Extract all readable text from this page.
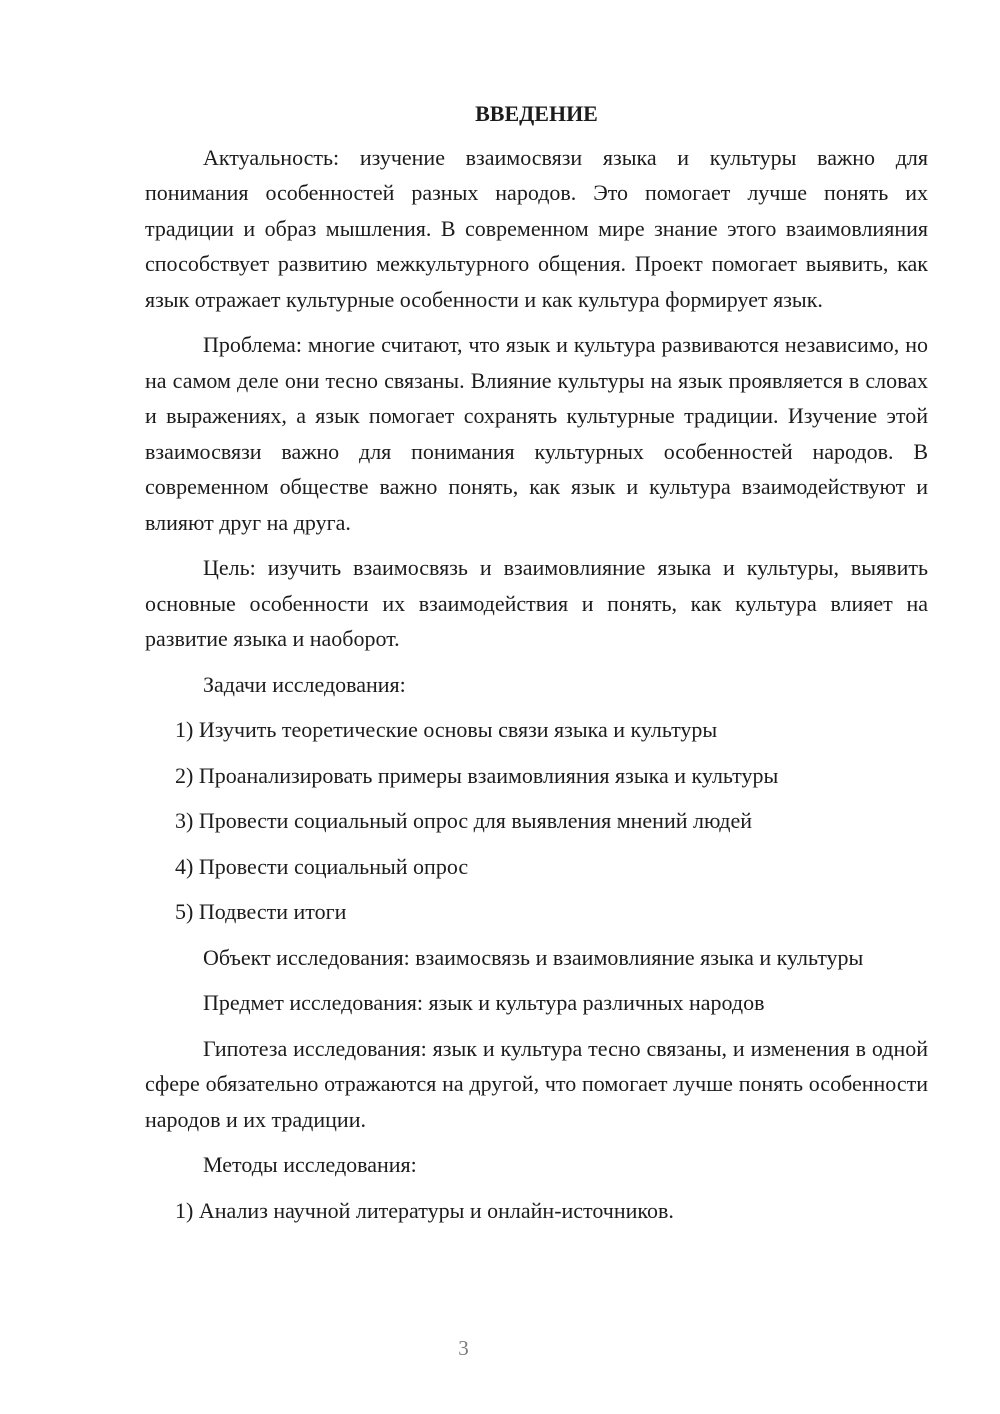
ВВЕДЕНИЕ

Актуальность: изучение взаимосвязи языка и культуры важно для понимания особенностей разных народов. Это помогает лучше понять их традиции и образ мышления. В современном мире знание этого взаимовлияния способствует развитию межкультурного общения. Проект помогает выявить, как язык отражает культурные особенности и как культура формирует язык.

Проблема: многие считают, что язык и культура развиваются независимо, но на самом деле они тесно связаны. Влияние культуры на язык проявляется в словах и выражениях, а язык помогает сохранять культурные традиции. Изучение этой взаимосвязи важно для понимания культурных особенностей народов. В современном обществе важно понять, как язык и культура взаимодействуют и влияют друг на друга.

Цель: изучить взаимосвязь и взаимовлияние языка и культуры, выявить основные особенности их взаимодействия и понять, как культура влияет на развитие языка и наоборот.

Задачи исследования:

1) Изучить теоретические основы связи языка и культуры

2) Проанализировать примеры взаимовлияния языка и культуры

3) Провести социальный опрос для выявления мнений людей

4) Провести социальный опрос

5) Подвести итоги

Объект исследования: взаимосвязь и взаимовлияние языка и культуры

Предмет исследования: язык и культура различных народов

Гипотеза исследования: язык и культура тесно связаны, и изменения в одной сфере обязательно отражаются на другой, что помогает лучше понять особенности народов и их традиции.

Методы исследования:

1) Анализ научной литературы и онлайн-источников.

3
